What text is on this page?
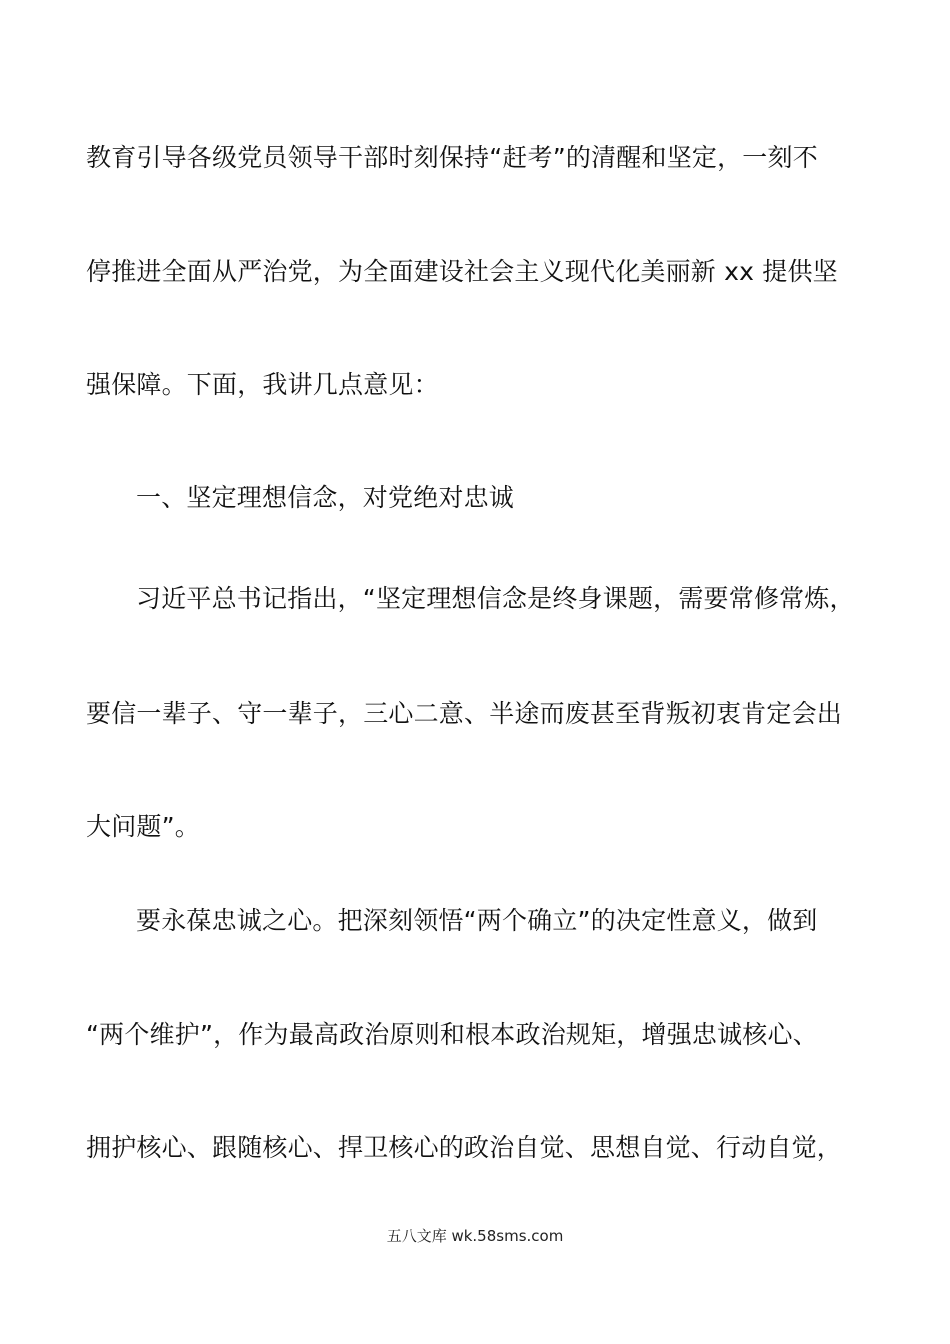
教育引导各级党员领导干部时刻保持“赶考”的清醒和坚定，一刻不
停推进全面从严治党，为全面建设社会主义现代化美丽新 xx 提供坚
强保障。下面，我讲几点意见：
一、坚定理想信念，对党绝对忠诚
习近平总书记指出，“坚定理想信念是终身课题，需要常修常炼，
要信一辈子、守一辈子，三心二意、半途而废甚至背叛初衷肯定会出
大问题”。
要永葆忠诚之心。把深刻领悟“两个确立”的决定性意义，做到
“两个维护”，作为最高政治原则和根本政治规矩，增强忠诚核心、
拥护核心、跟随核心、捍卫核心的政治自觉、思想自觉、行动自觉，
五八文库 wk.58sms.com
